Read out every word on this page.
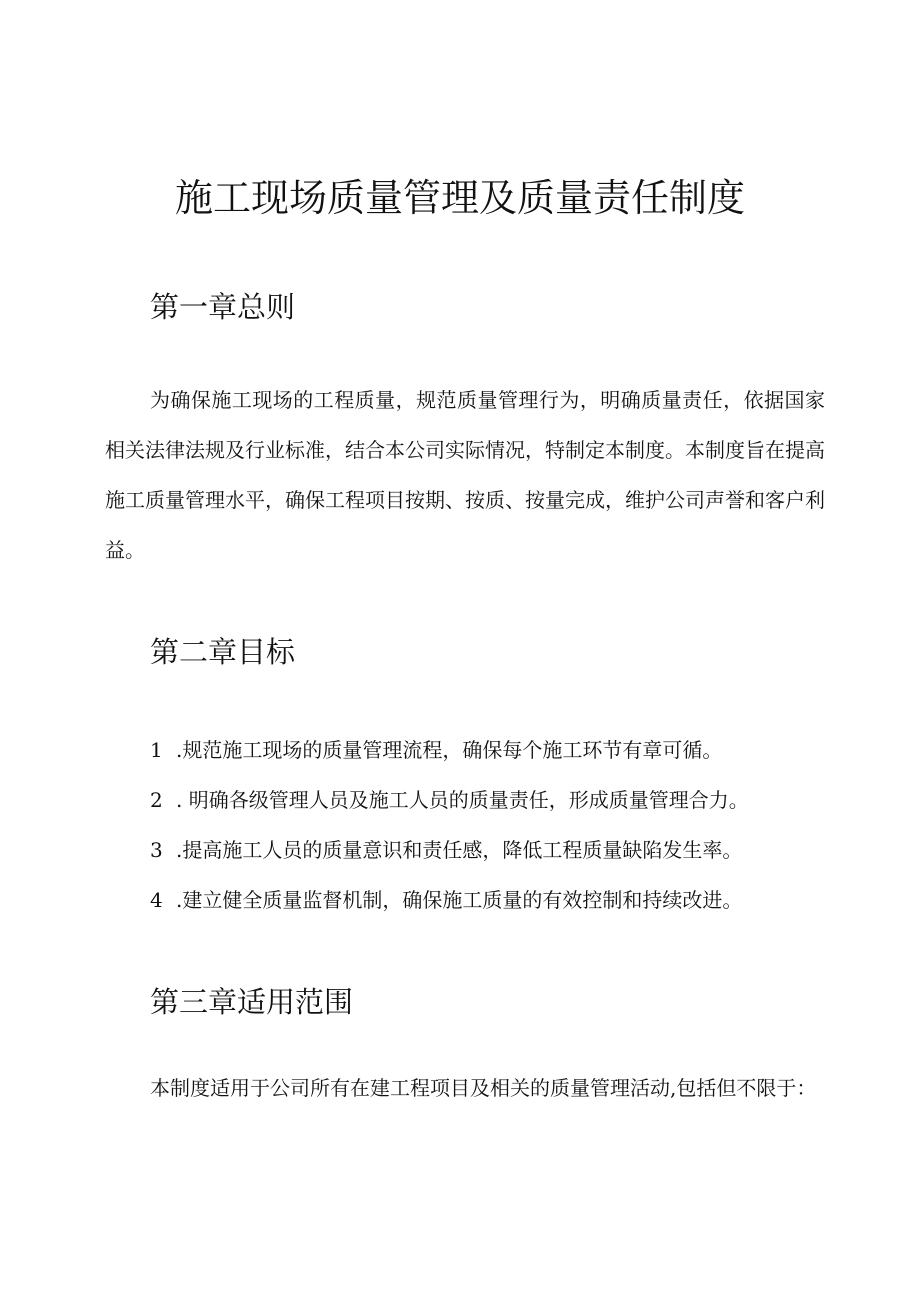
施工现场质量管理及质量责任制度
第一章总则

为确保施工现场的工程质量，规范质量管理行为，明确质量责任，依据国家相关法律法规及行业标准，结合本公司实际情况，特制定本制度。本制度旨在提高施工质量管理水平，确保工程项目按期、按质、按量完成，维护公司声誉和客户利益。

第二章目标
1 .规范施工现场的质量管理流程，确保每个施工环节有章可循。
2 . 明确各级管理人员及施工人员的质量责任，形成质量管理合力。
3 .提高施工人员的质量意识和责任感，降低工程质量缺陷发生率。
4 .建立健全质量监督机制，确保施工质量的有效控制和持续改进。
第三章适用范围

本制度适用于公司所有在建工程项目及相关的质量管理活动,包括但不限于：
